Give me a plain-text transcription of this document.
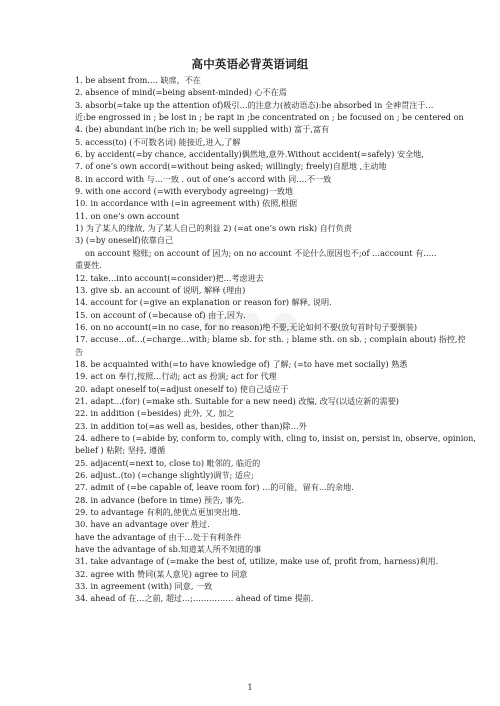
高中英语必背英语词组
1. be absent from…. 缺席，不在
2. absence of mind(=being absent-minded) 心不在焉
3. absorb(=take up the attention of)吸引…的注意力(被动语态):be absorbed in 全神贯注于…
近:be engrossed in ; be lost in ; be rapt in ;be concentrated on ; be focused on ; be centered on
4. (be) abundant in(be rich in; be well supplied with) 富于,富有
5. access(to) (不可数名词) 能接近,进入,了解
6. by accident(=by chance, accidentally)偶然地,意外.Without accident(=safely) 安全地,
7. of one’s own accord(=without being asked; willingly; freely)自愿地 ,主动地
8. in accord with 与…一致 . out of one’s accord with 同….不一致
9. with one accord (=with everybody agreeing)一致地
10. in accordance with (=in agreement with) 依照,根据
11. on one’s own account
1) 为了某人的缘故, 为了某人自己的利益 2) (=at one’s own risk) 自行负责
3) (=by oneself)依靠自己
on account 赊账; on account of 因为; on no account 不论什么原因也不;of …account 有…..
重要性.
12. take…into account(=consider)把...考虑进去
13. give sb. an account of 说明, 解释 (理由)
14. account for (=give an explanation or reason for) 解释, 说明.
15. on account of (=because of) 由于,因为.
16. on no account(=in no case, for no reason)绝不要,无论如何不要(放句首时句子要倒装)
17. accuse…of…(=charge…with; blame sb. for sth. ; blame sth. on sb. ; complain about) 指控,控
告
18. be acquainted with(=to have knowledge of) 了解; (=to have met socially) 熟悉
19. act on 奉行,按照…行动; act as 扮演; act for 代理
20. adapt oneself to(=adjust oneself to) 使自己适应于
21. adapt…(for) (=make sth. Suitable for a new need) 改编, 改写(以适应新的需要)
22. in addition (=besides) 此外, 又, 加之
23. in addition to(=as well as, besides, other than)除…外
24. adhere to (=abide by, conform to, comply with, cling to, insist on, persist in, observe, opinion,
belief ) 粘附; 坚持, 遵循
25. adjacent(=next to, close to) 毗邻的, 临近的
26. adjust..(to) (=change slightly)调节; 适应;
27. admit of (=be capable of, leave room for) …的可能，留有…的余地.
28. in advance (before in time) 预告, 事先.
29. to advantage 有利的,使优点更加突出地.
30. have an advantage over 胜过.
have the advantage of 由于…处于有利条件
have the advantage of sb.知道某人所不知道的事
31. take advantage of (=make the best of, utilize, make use of, profit from, harness)利用.
32. agree with 赞同(某人意见) agree to 同意
33. in agreement (with) 同意, 一致
34. ahead of 在…之前, 超过…;…………… ahead of time 提前.
1
